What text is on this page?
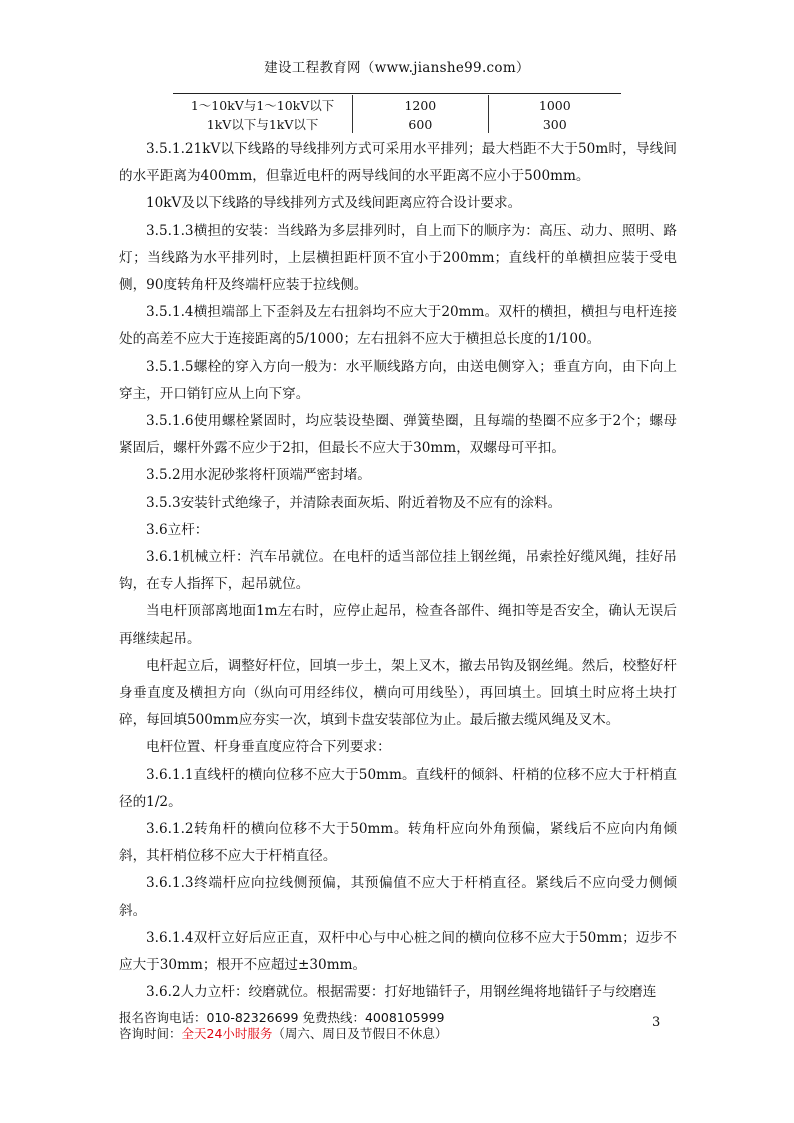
建设工程教育网（www.jianshe99.com）
1～10kV与1～10kV以下	1200	1000
1kV以下与1kV以下	600	300

3.5.1.21kV以下线路的导线排列方式可采用水平排列；最大档距不大于50m时，导线间的水平距离为400mm，但靠近电杆的两导线间的水平距离不应小于500mm。

10kV及以下线路的导线排列方式及线间距离应符合设计要求。

3.5.1.3横担的安装：当线路为多层排列时，自上而下的顺序为：高压、动力、照明、路灯；当线路为水平排列时，上层横担距杆顶不宜小于200mm；直线杆的单横担应装于受电侧，90度转角杆及终端杆应装于拉线侧。

3.5.1.4横担端部上下歪斜及左右扭斜均不应大于20mm。双杆的横担，横担与电杆连接处的高差不应大于连接距离的5/1000；左右扭斜不应大于横担总长度的1/100。

3.5.1.5螺栓的穿入方向一般为：水平顺线路方向，由送电侧穿入；垂直方向，由下向上穿主，开口销钉应从上向下穿。

3.5.1.6使用螺栓紧固时，均应装设垫圈、弹簧垫圈，且每端的垫圈不应多于2个；螺母紧固后，螺杆外露不应少于2扣，但最长不应大于30mm，双螺母可平扣。

3.5.2用水泥砂浆将杆顶端严密封堵。

3.5.3安装针式绝缘子，并清除表面灰垢、附近着物及不应有的涂料。

3.6立杆：

3.6.1机械立杆：汽车吊就位。在电杆的适当部位挂上钢丝绳，吊索拴好缆风绳，挂好吊钩，在专人指挥下，起吊就位。

当电杆顶部离地面1m左右时，应停止起吊，检查各部件、绳扣等是否安全，确认无误后再继续起吊。

电杆起立后，调整好杆位，回填一步土，架上叉木，撤去吊钩及钢丝绳。然后，校整好杆身垂直度及横担方向（纵向可用经纬仪，横向可用线坠），再回填土。回填土时应将土块打碎，每回填500mm应夯实一次，填到卡盘安装部位为止。最后撤去缆风绳及叉木。

电杆位置、杆身垂直度应符合下列要求：

3.6.1.1直线杆的横向位移不应大于50mm。直线杆的倾斜、杆梢的位移不应大于杆梢直径的1/2。

3.6.1.2转角杆的横向位移不大于50mm。转角杆应向外角预偏，紧线后不应向内角倾斜，其杆梢位移不应大于杆梢直径。

3.6.1.3终端杆应向拉线侧预偏，其预偏值不应大于杆梢直径。紧线后不应向受力侧倾斜。

3.6.1.4双杆立好后应正直，双杆中心与中心桩之间的横向位移不应大于50mm；迈步不应大于30mm；根开不应超过±30mm。

3.6.2人力立杆：绞磨就位。根据需要：打好地锚钎子，用钢丝绳将地锚钎子与绞磨连

报名咨询电话：010-82326699 免费热线：4008105999
咨询时间：全天24小时服务（周六、周日及节假日不休息）
3
